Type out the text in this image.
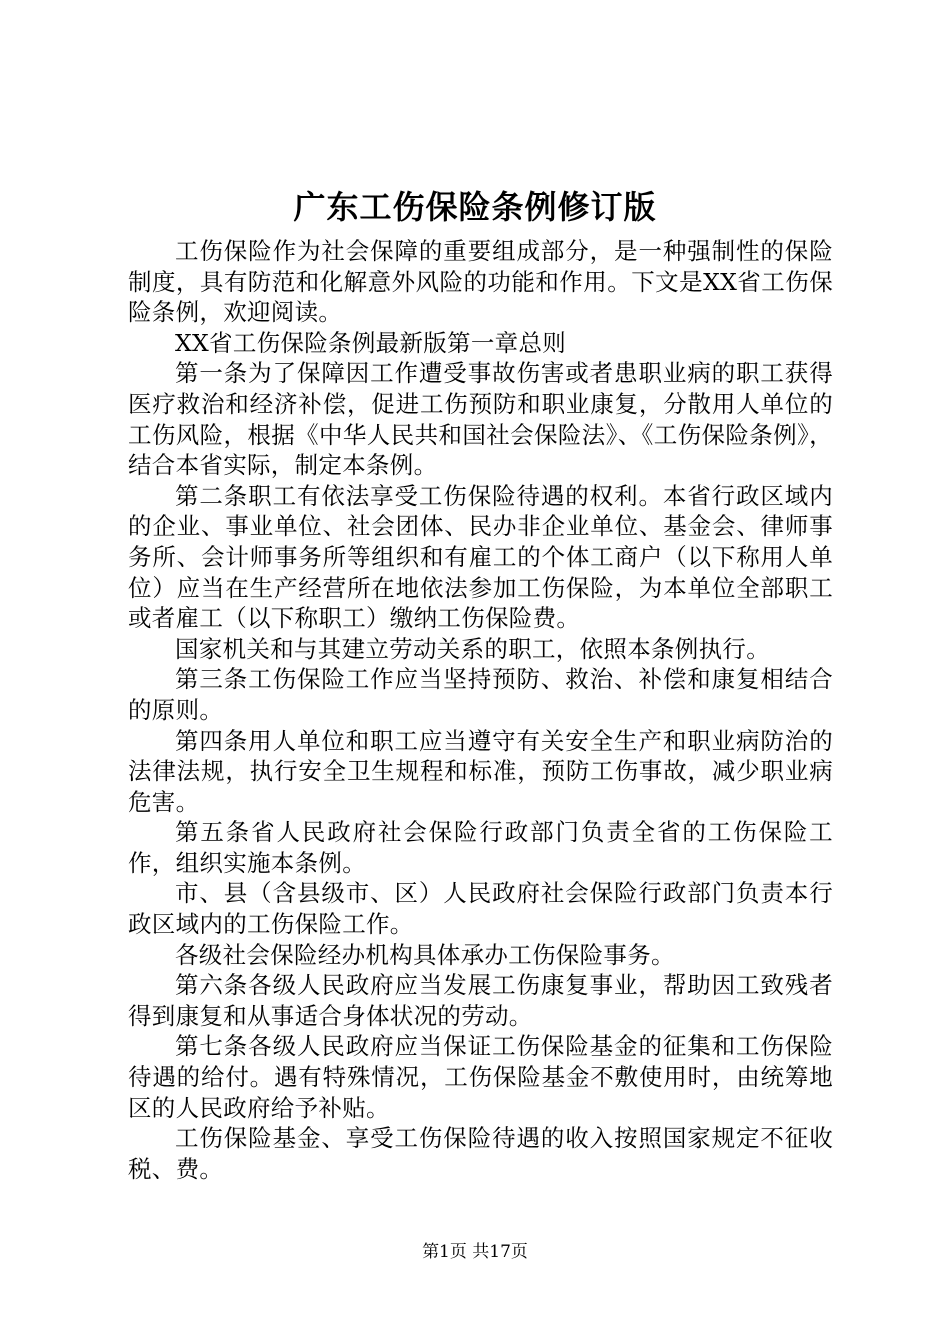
广东工伤保险条例修订版

工伤保险作为社会保障的重要组成部分，是一种强制性的保险制度，具有防范和化解意外风险的功能和作用。下文是XX省工伤保险条例，欢迎阅读。

XX省工伤保险条例最新版第一章总则

第一条为了保障因工作遭受事故伤害或者患职业病的职工获得医疗救治和经济补偿，促进工伤预防和职业康复，分散用人单位的工伤风险，根据《中华人民共和国社会保险法》、《工伤保险条例》，结合本省实际，制定本条例。

第二条职工有依法享受工伤保险待遇的权利。本省行政区域内的企业、事业单位、社会团体、民办非企业单位、基金会、律师事务所、会计师事务所等组织和有雇工的个体工商户（以下称用人单位）应当在生产经营所在地依法参加工伤保险，为本单位全部职工或者雇工（以下称职工）缴纳工伤保险费。

国家机关和与其建立劳动关系的职工，依照本条例执行。

第三条工伤保险工作应当坚持预防、救治、补偿和康复相结合的原则。

第四条用人单位和职工应当遵守有关安全生产和职业病防治的法律法规，执行安全卫生规程和标准，预防工伤事故，减少职业病危害。

第五条省人民政府社会保险行政部门负责全省的工伤保险工作，组织实施本条例。

市、县（含县级市、区）人民政府社会保险行政部门负责本行政区域内的工伤保险工作。

各级社会保险经办机构具体承办工伤保险事务。

第六条各级人民政府应当发展工伤康复事业，帮助因工致残者得到康复和从事适合身体状况的劳动。

第七条各级人民政府应当保证工伤保险基金的征集和工伤保险待遇的给付。遇有特殊情况，工伤保险基金不敷使用时，由统筹地区的人民政府给予补贴。

工伤保险基金、享受工伤保险待遇的收入按照国家规定不征收税、费。

第1页 共17页
